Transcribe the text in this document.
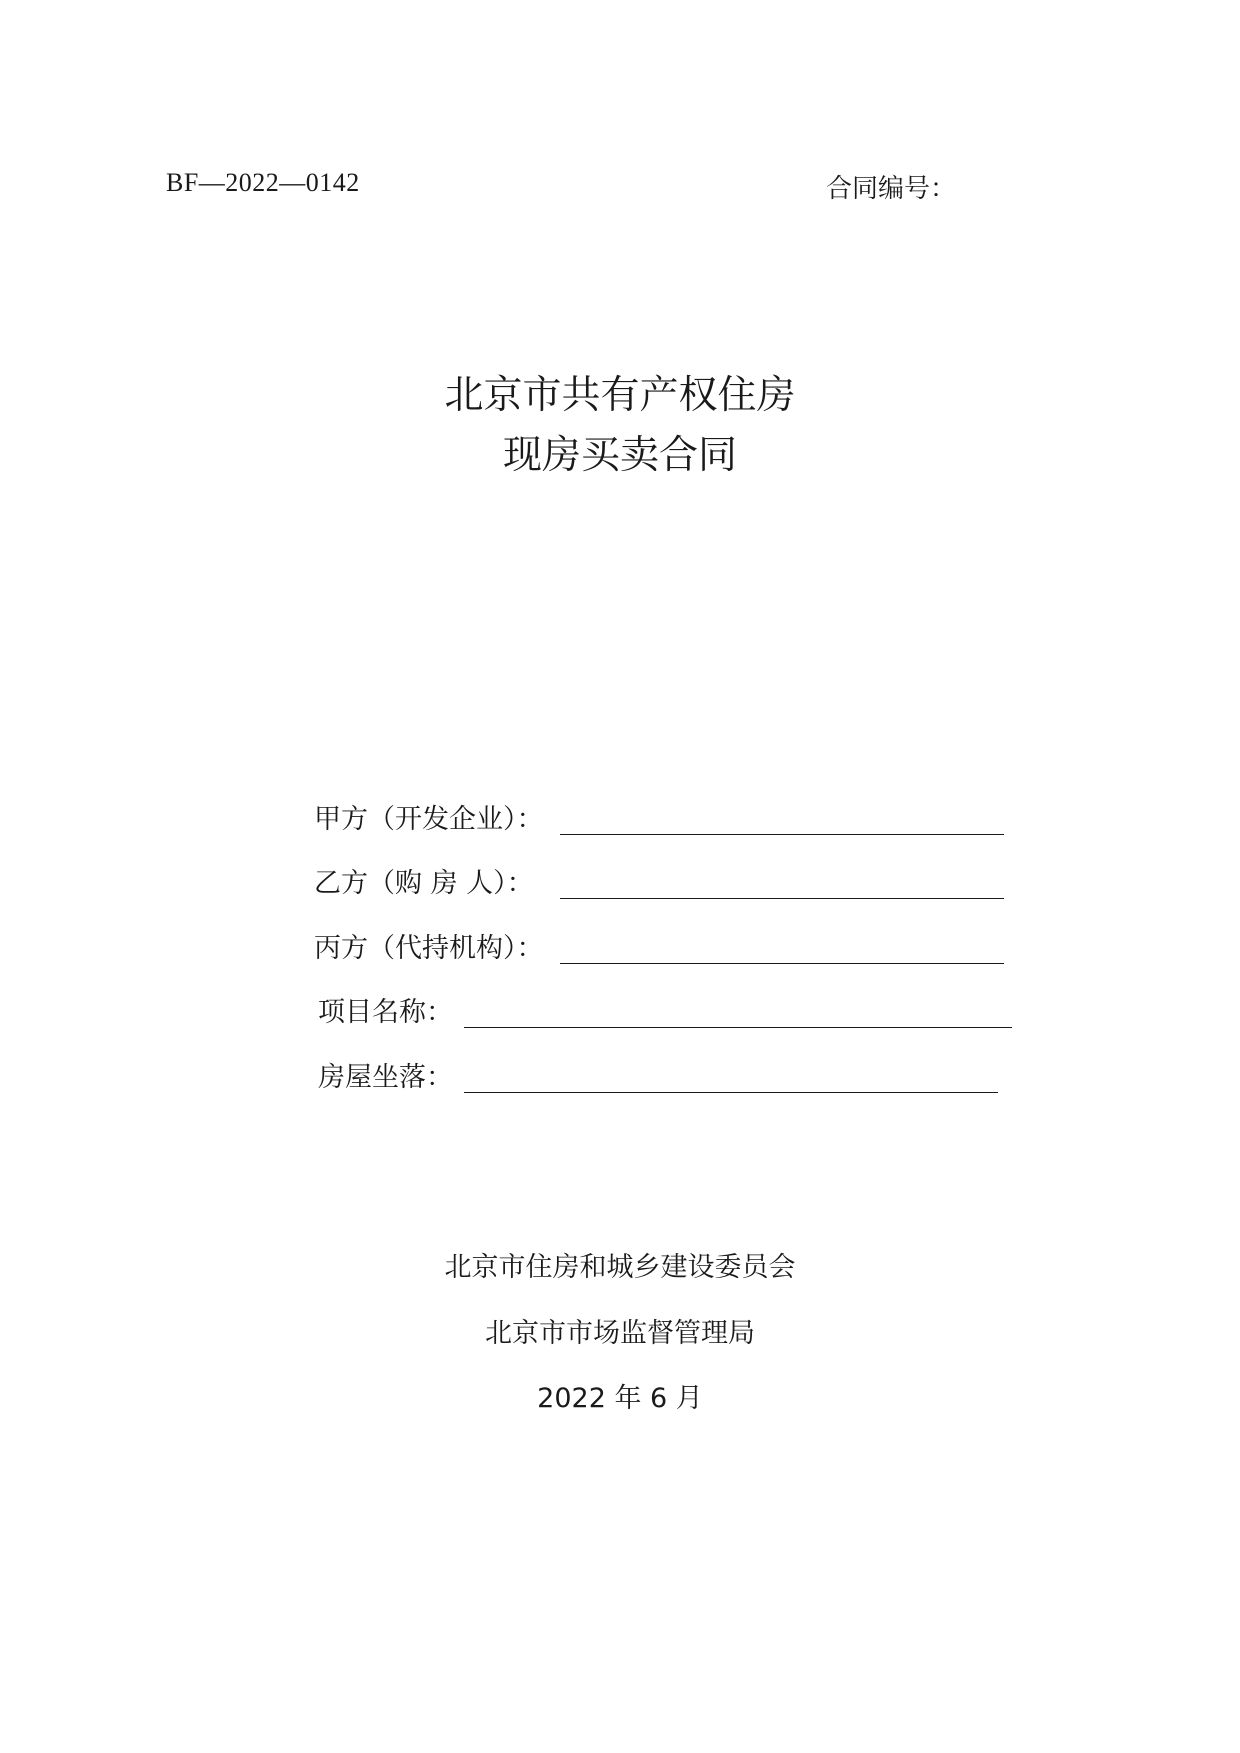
BF—2022—0142	合同编号：
北京市共有产权住房
现房买卖合同
甲方（开发企业）：
乙方（购 房 人）：
丙方（代持机构）：
项目名称：
房屋坐落：
北京市住房和城乡建设委员会
北京市市场监督管理局
2022 年 6 月
